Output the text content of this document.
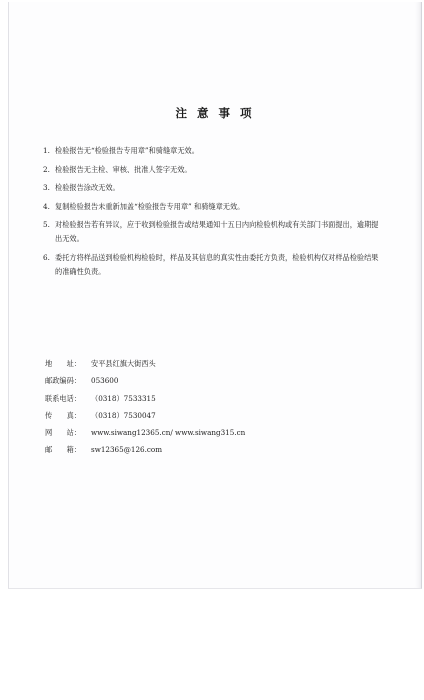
注 意 事 项
1. 检验报告无“检验报告专用章”和骑缝章无效。
2. 检验报告无主检、审核、批准人签字无效。
3. 检验报告涂改无效。
4. 复制检验报告未重新加盖“检验报告专用章” 和骑缝章无效。
5. 对检验报告若有异议，应于收到检验报告或结果通知十五日内向检验机构或有关部门书面提出，逾期提出无效。
6. 委托方将样品送到检验机构检验时，样品及其信息的真实性由委托方负责，检验机构仅对样品检验结果的准确性负责。
地　　址：	安平县红旗大街西头
邮政编码：	053600
联系电话：	（0318）7533315
传　　真：	（0318）7530047
网　　站：	www.siwang12365.cn/ www.siwang315.cn
邮　　箱：	sw12365@126.com
